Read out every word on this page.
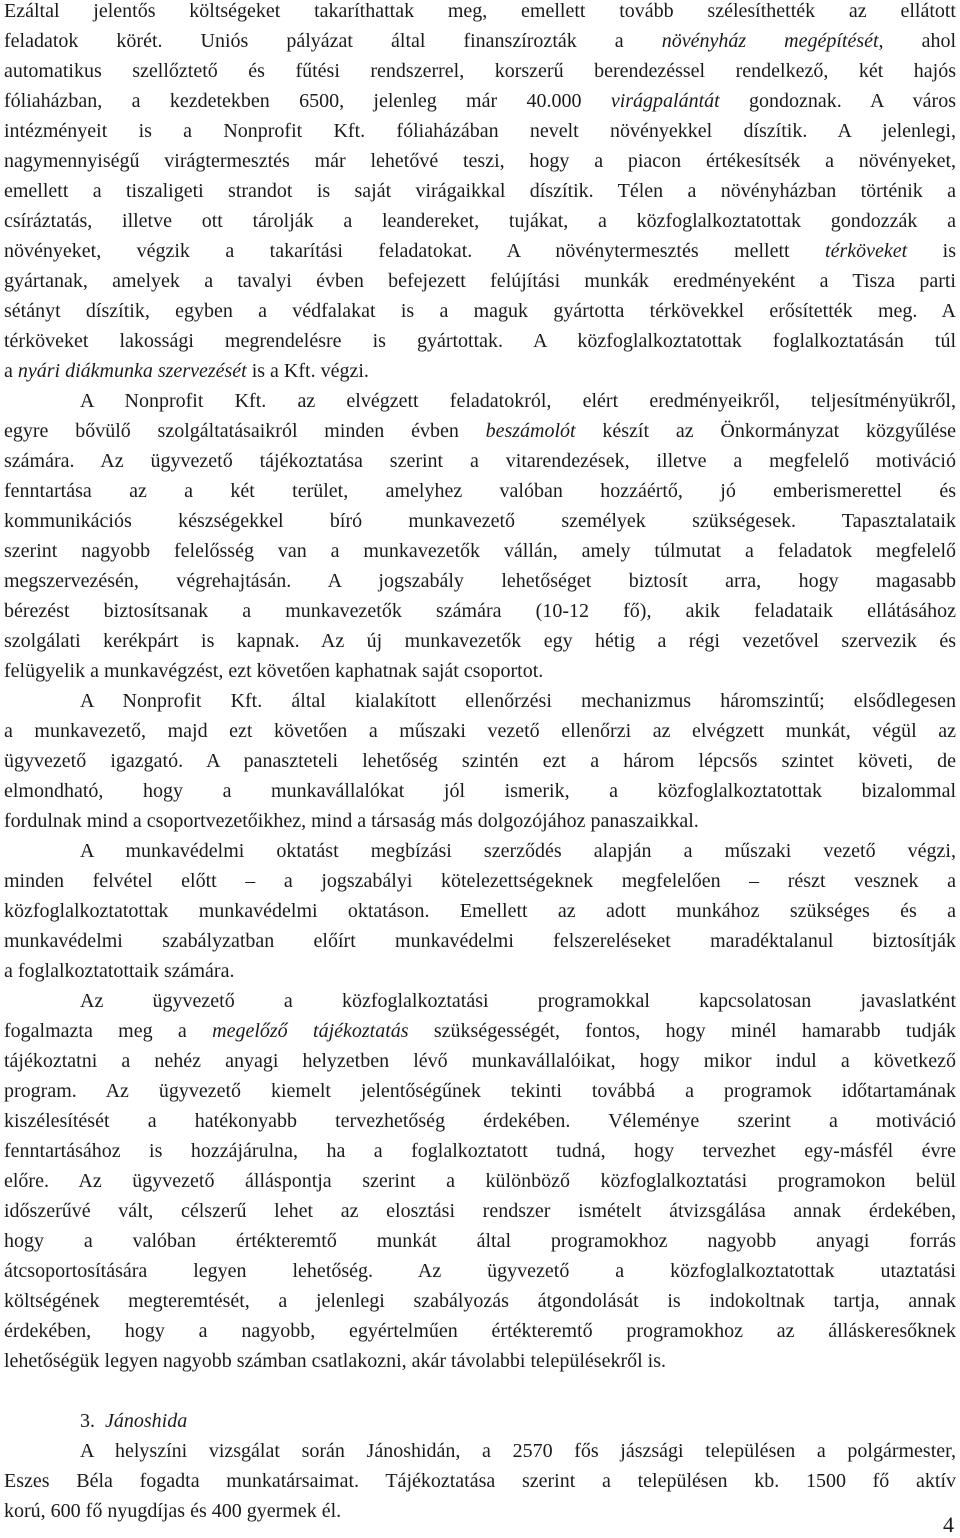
Ezáltal jelentős költségeket takaríthattak meg, emellett tovább szélesíthették az ellátott
feladatok körét. Uniós pályázat által finanszírozták a növényház megépítését, ahol
automatikus szellőztető és fűtési rendszerrel, korszerű berendezéssel rendelkező, két hajós
fóliaházban, a kezdetekben 6500, jelenleg már 40.000 virágpalántát gondoznak. A város
intézményeit is a Nonprofit Kft. fóliaházában nevelt növényekkel díszítik. A jelenlegi,
nagymennyiségű virágtermesztés már lehetővé teszi, hogy a piacon értékesítsék a növényeket,
emellett a tiszaligeti strandot is saját virágaikkal díszítik. Télen a növényházban történik a
csíráztatás, illetve ott tárolják a leandereket, tujákat, a közfoglalkoztatottak gondozzák a
növényeket, végzik a takarítási feladatokat. A növénytermesztés mellett térköveket is
gyártanak, amelyek a tavalyi évben befejezett felújítási munkák eredményeként a Tisza parti
sétányt díszítik, egyben a védfalakat is a maguk gyártotta térkövekkel erősítették meg. A
térköveket lakossági megrendelésre is gyártottak. A közfoglalkoztatottak foglalkoztatásán túl
a nyári diákmunka szervezését is a Kft. végzi.
A Nonprofit Kft. az elvégzett feladatokról, elért eredményeikről, teljesítményükről,
egyre bővülő szolgáltatásaikról minden évben beszámolót készít az Önkormányzat közgyűlése
számára. Az ügyvezető tájékoztatása szerint a vitarendezések, illetve a megfelelő motiváció
fenntartása az a két terület, amelyhez valóban hozzáértő, jó emberismerettel és
kommunikációs készségekkel bíró munkavezető személyek szükségesek. Tapasztalataik
szerint nagyobb felelősség van a munkavezetők vállán, amely túlmutat a feladatok megfelelő
megszervezésén, végrehajtásán. A jogszabály lehetőséget biztosít arra, hogy magasabb
bérezést biztosítsanak a munkavezetők számára (10-12 fő), akik feladataik ellátásához
szolgálati kerékpárt is kapnak. Az új munkavezetők egy hétig a régi vezetővel szervezik és
felügyelik a munkavégzést, ezt követően kaphatnak saját csoportot.
A Nonprofit Kft. által kialakított ellenőrzési mechanizmus háromszintű; elsődlegesen
a munkavezető, majd ezt követően a műszaki vezető ellenőrzi az elvégzett munkát, végül az
ügyvezető igazgató. A panaszteteli lehetőség szintén ezt a három lépcsős szintet követi, de
elmondható, hogy a munkavállalókat jól ismerik, a közfoglalkoztatottak bizalommal
fordulnak mind a csoportvezetőikhez, mind a társaság más dolgozójához panaszaikkal.
A munkavédelmi oktatást megbízási szerződés alapján a műszaki vezető végzi,
minden felvétel előtt – a jogszabályi kötelezettségeknek megfelelően – részt vesznek a
közfoglalkoztatottak munkavédelmi oktatáson. Emellett az adott munkához szükséges és a
munkavédelmi szabályzatban előírt munkavédelmi felszereléseket maradéktalanul biztosítják
a foglalkoztatottaik számára.
Az ügyvezető a közfoglalkoztatási programokkal kapcsolatosan javaslatként
fogalmazta meg a megelőző tájékoztatás szükségességét, fontos, hogy minél hamarabb tudják
tájékoztatni a nehéz anyagi helyzetben lévő munkavállalóikat, hogy mikor indul a következő
program. Az ügyvezető kiemelt jelentőségűnek tekinti továbbá a programok időtartamának
kiszélesítését a hatékonyabb tervezhetőség érdekében. Véleménye szerint a motiváció
fenntartásához is hozzájárulna, ha a foglalkoztatott tudná, hogy tervezhet egy-másfél évre
előre. Az ügyvezető álláspontja szerint a különböző közfoglalkoztatási programokon belül
időszerűvé vált, célszerű lehet az elosztási rendszer ismételt átvizsgálása annak érdekében,
hogy a valóban értékteremtő munkát által programokhoz nagyobb anyagi forrás
átcsoportosítására legyen lehetőség. Az ügyvezető a közfoglalkoztatottak utaztatási
költségének megteremtését, a jelenlegi szabályozás átgondolását is indokoltnak tartja, annak
érdekében, hogy a nagyobb, egyértelműen értékteremtő programokhoz az álláskeresőknek
lehetőségük legyen nagyobb számban csatlakozni, akár távolabbi településekről is.
3. Jánoshida
A helyszíni vizsgálat során Jánoshidán, a 2570 fős jászsági településen a polgármester,
Eszes Béla fogadta munkatársaimat. Tájékoztatása szerint a településen kb. 1500 fő aktív
korú, 600 fő nyugdíjas és 400 gyermek él.
4
